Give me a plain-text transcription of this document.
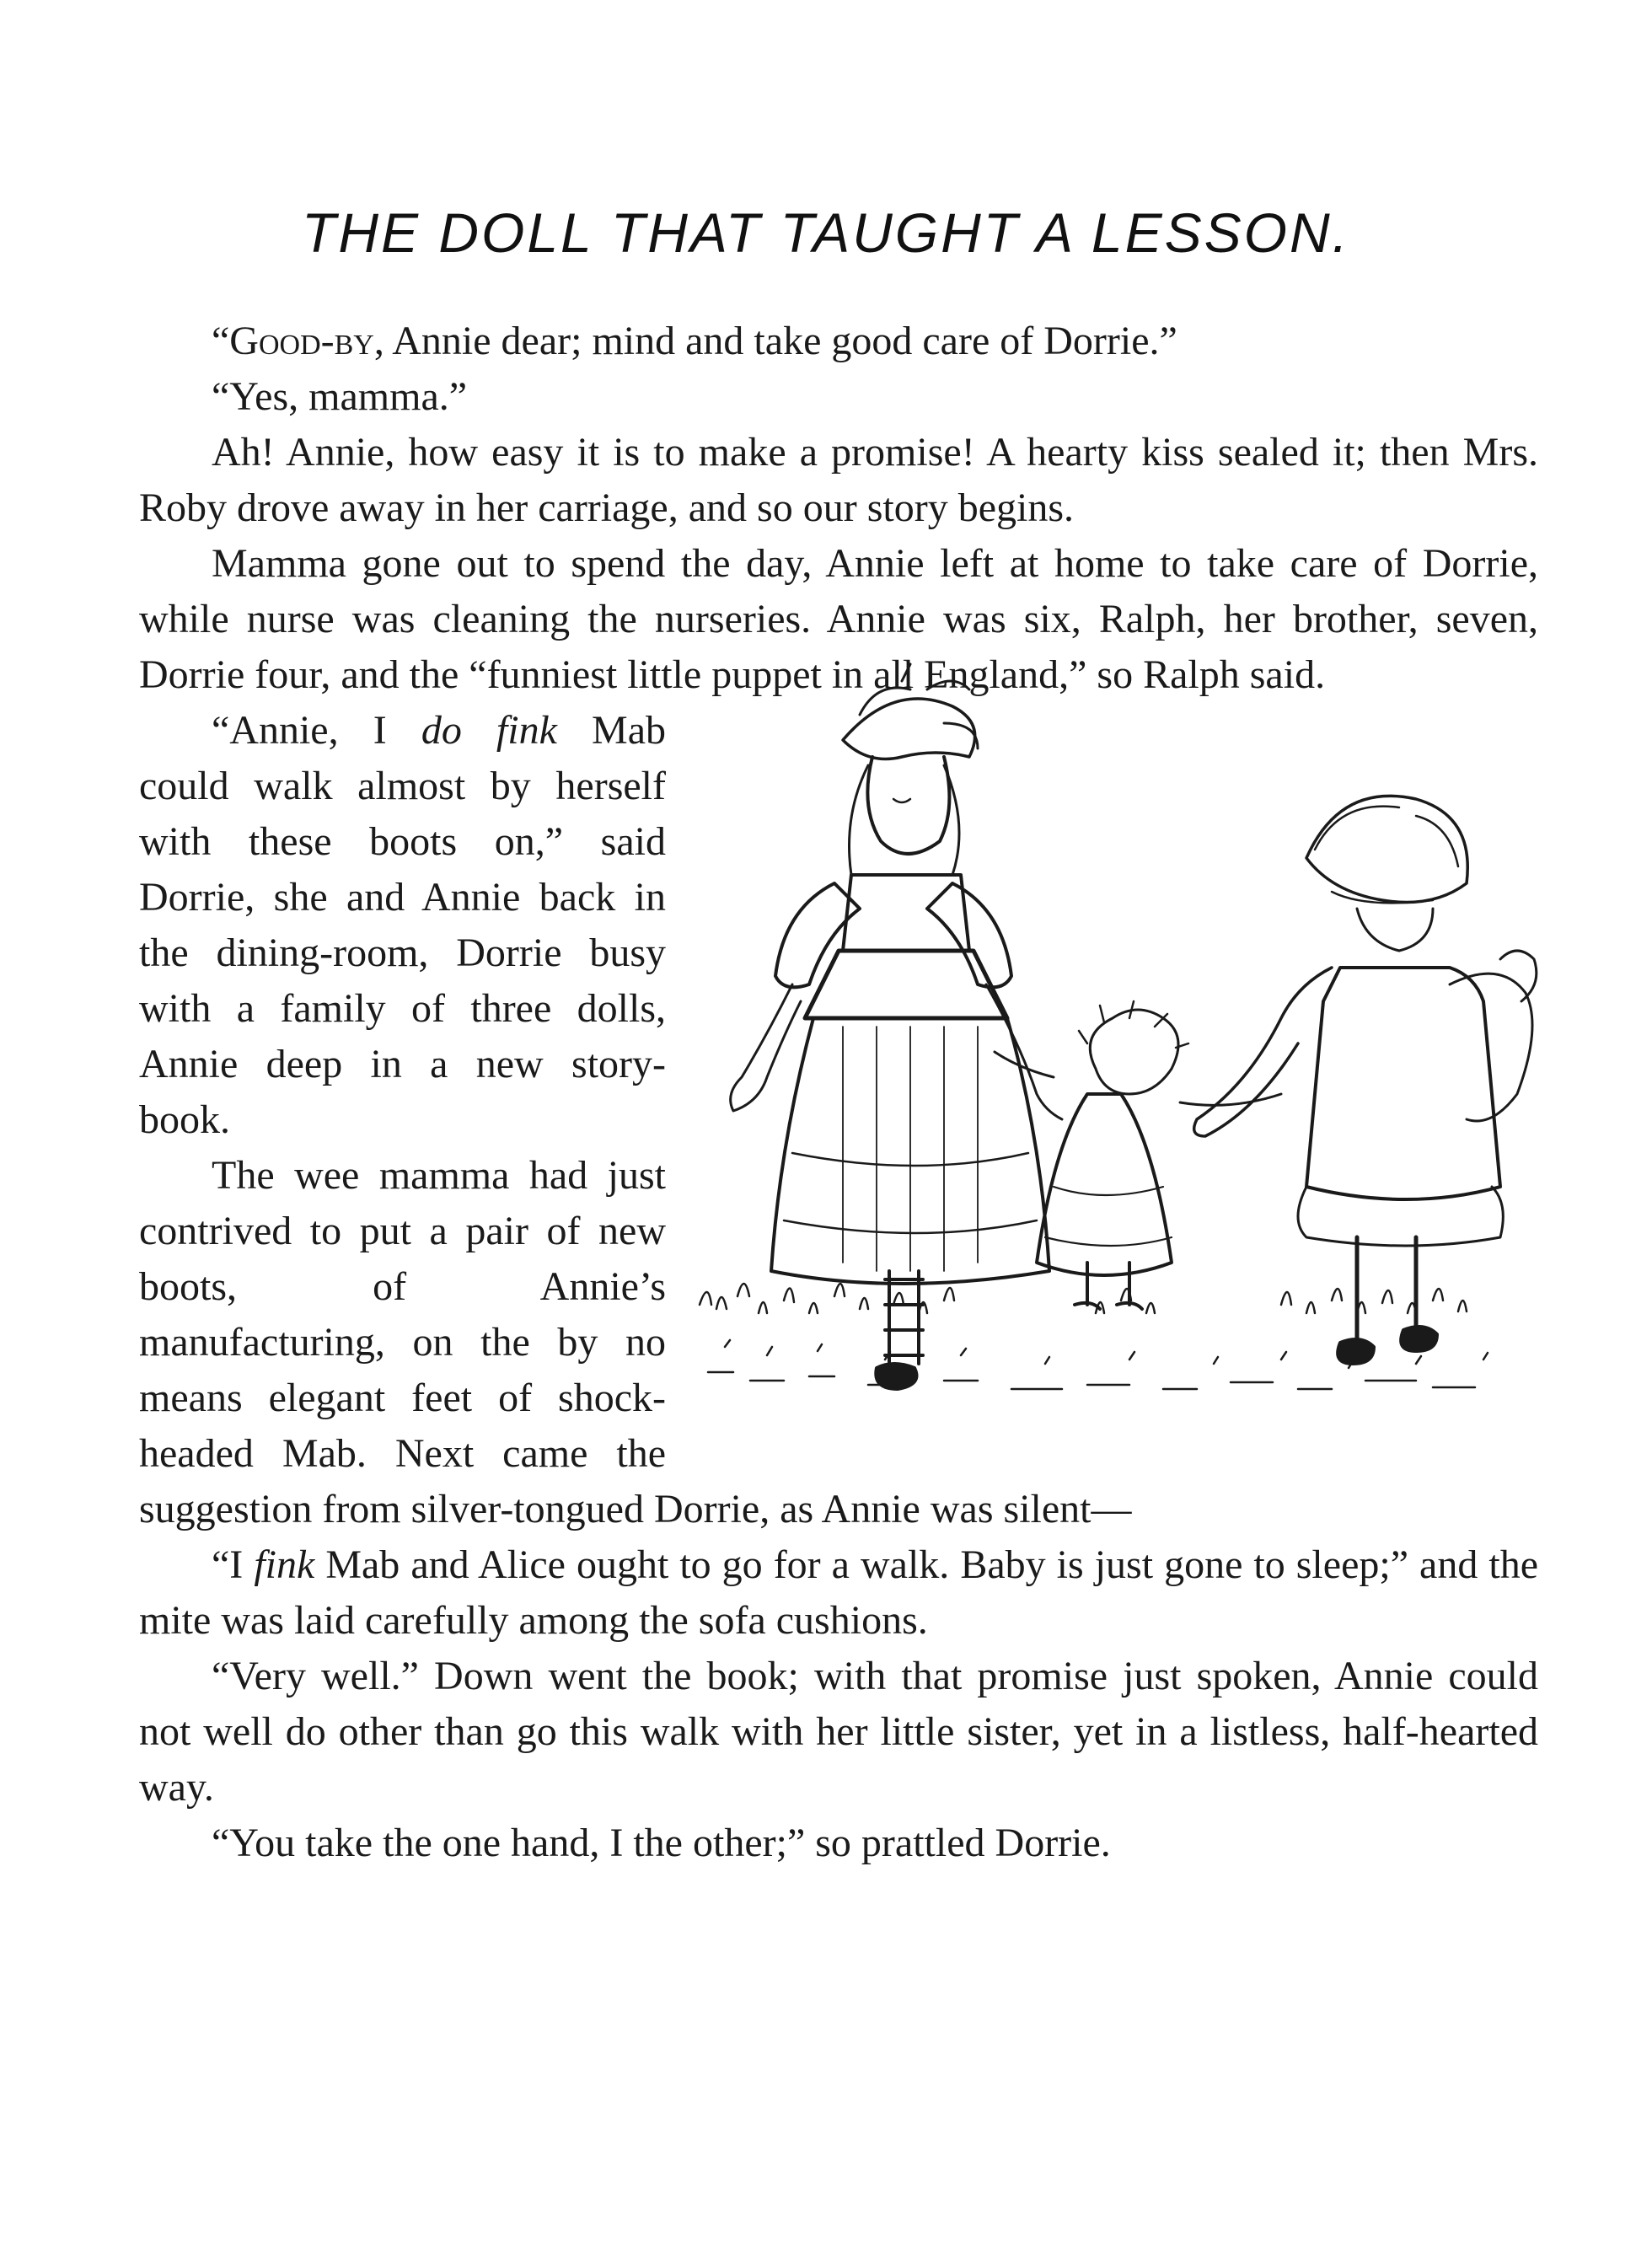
THE DOLL THAT TAUGHT A LESSON.

“Good-by, Annie dear; mind and take good care of Dorrie.”

“Yes, mamma.”

Ah! Annie, how easy it is to make a promise! A hearty kiss sealed it; then Mrs. Roby drove away in her carriage, and so our story begins.

Mamma gone out to spend the day, Annie left at home to take care of Dorrie, while nurse was cleaning the nurseries. Annie was six, Ralph, her brother, seven, Dorrie four, and the “funniest little puppet in all England,” so Ralph said.

“Annie, I do fink Mab could walk almost by herself with these boots on,” said Dorrie, she and Annie back in the dining-room, Dorrie busy with a family of three dolls, Annie deep in a new story-book.

The wee mamma had just contrived to put a pair of new boots, of Annie’s manufacturing, on the by no means elegant feet of shock-headed Mab. Next came the suggestion from silver-tongued Dorrie, as Annie was silent—

“I fink Mab and Alice ought to go for a walk. Baby is just gone to sleep;” and the mite was laid carefully among the sofa cushions.

“Very well.” Down went the book; with that promise just spoken, Annie could not well do other than go this walk with her little sister, yet in a listless, half-hearted way.

“You take the one hand, I the other;” so prattled Dorrie.
